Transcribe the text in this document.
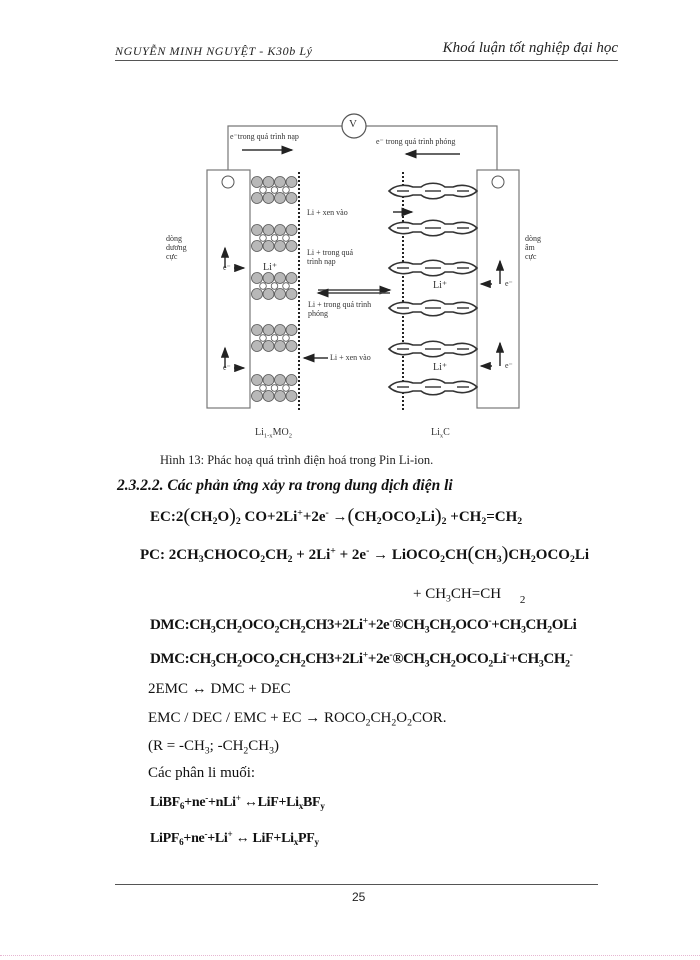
NGUYỄN MINH NGUYỆT - K30b Lý	Khoá luận tốt nghiệp đại học
V
e⁻trong quá trình nạp
e⁻ trong quá trình phóng
dòng
dương
cực
dòng
âm
cực
Li + xen vào
Li + trong quá
trình nạp
Li + trong quá trình
phóng
Li + xen vào
Li⁺
Li⁺
Li⁺
e⁻
e⁻
e⁻
e⁻
$Li_{1-x}MO_2$	$Li_xC$
Hình 13: Phác hoạ quá trình điện hoá trong Pin Li-ion.
2.3.2.2. Các phản ứng xảy ra trong dung dịch điện li
$EC:2(CH_2O)_2$ $CO+2Li^++2e^- \to(CH_2OCO_2Li)_2 +CH_2=CH_2$
PC: $2CH_3CHOCO_2CH_2 + 2Li^+ + 2e^-$ → $LiOCO_2CH(CH_3)CH_2OCO_2Li$
+ $CH_3CH=CH$     $_2$
$DMC:CH_3CH_2OCO_2CH_2CH3+2Li^++2e^-®CH_3CH_2OCO^-+CH_3CH_2OLi$
$DMC:CH_3CH_2OCO_2CH_2CH3+2Li^++2e^-®CH_3CH_2OCO_2Li^-+CH_3CH_2^-$
2EMC ↔ DMC + DEC
EMC / DEC / EMC + EC → $ROCO_2CH_2O_2COR$.
($R = -CH_3$; $-CH_2CH_3$)
Các phân li muối:
LiBF$_6$+ne-+nLi+ $\leftrightarrow LiF+Li_xBF_y$
LiPF$_6$+ne-+Li+ ↔ $LiF+Li_xPF_y$
25
